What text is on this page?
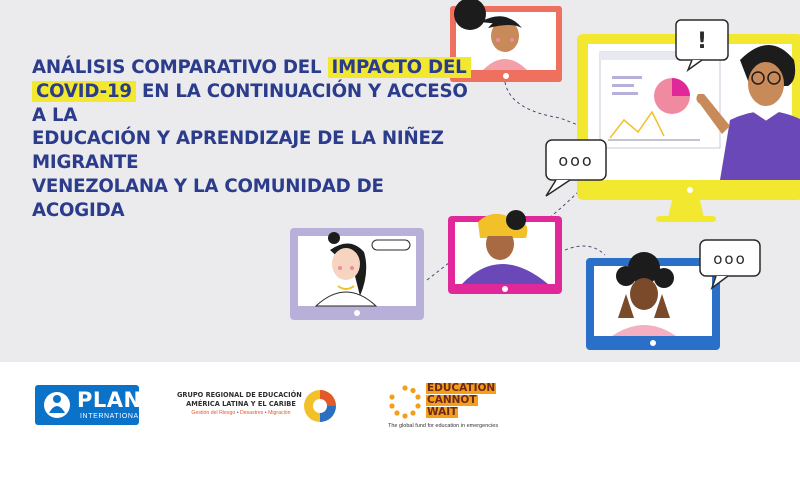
!
ooo
ooo
ANÁLISIS COMPARATIVO DEL IMPACTO DEL
COVID-19 EN LA CONTINUACIÓN Y ACCESO A LA
EDUCACIÓN Y APRENDIZAJE DE LA NIÑEZ MIGRANTE
VENEZOLANA Y LA COMUNIDAD DE ACOGIDA
PLAN
INTERNATIONAL
GRUPO REGIONAL DE EDUCACIÓN
AMÉRICA LATINA Y EL CARIBE
Gestión del Riesgo • Desastres • Migración
EDUCATION
CANNOT
WAIT
The global fund for education in emergencies
